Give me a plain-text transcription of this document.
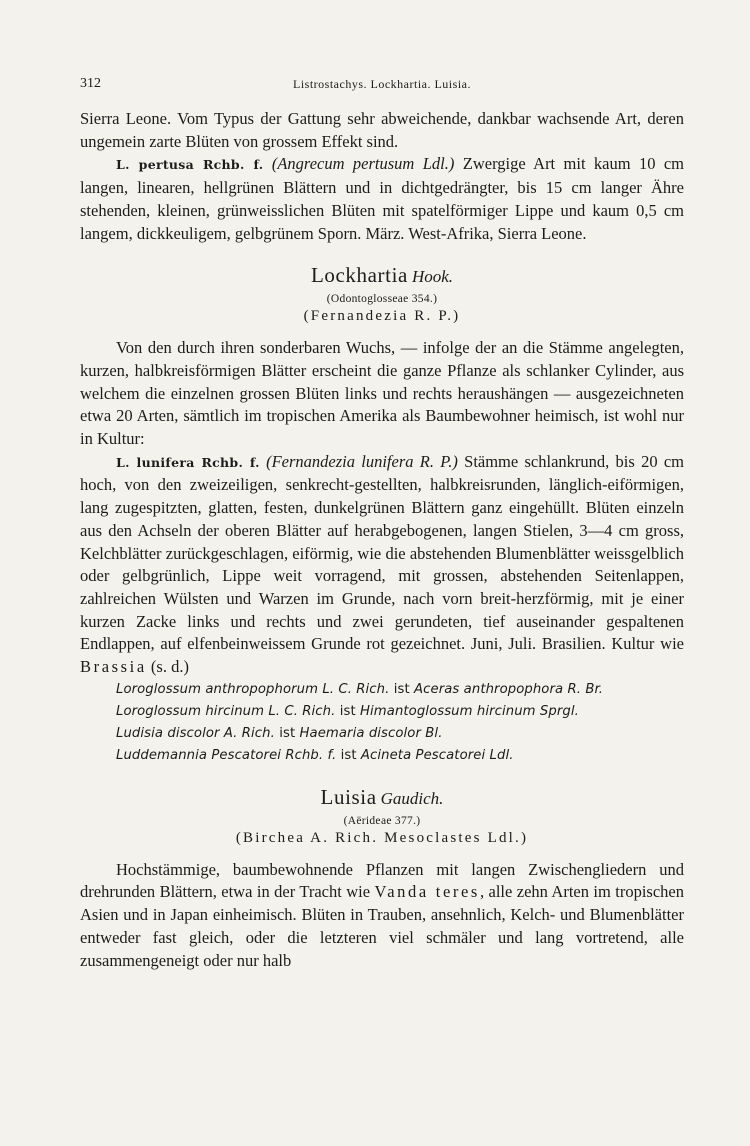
312	Listrostachys. Lockhartia. Luisia.

Sierra Leone. Vom Typus der Gattung sehr abweichende, dankbar wachsende Art, deren ungemein zarte Blüten von grossem Effekt sind.

L. pertusa Rchb. f. (Angrecum pertusum Ldl.) Zwergige Art mit kaum 10 cm langen, linearen, hellgrünen Blättern und in dichtgedrängter, bis 15 cm langer Ähre stehenden, kleinen, grünweisslichen Blüten mit spatelförmiger Lippe und kaum 0,5 cm langem, dickkeuligem, gelbgrünem Sporn. März. West-Afrika, Sierra Leone.

Lockhartia Hook.
(Odontoglosseae 354.)
(Fernandezia R. P.)

Von den durch ihren sonderbaren Wuchs, — infolge der an die Stämme angelegten, kurzen, halbkreisförmigen Blätter erscheint die ganze Pflanze als schlanker Cylinder, aus welchem die einzelnen grossen Blüten links und rechts heraushängen — ausgezeichneten etwa 20 Arten, sämtlich im tropischen Amerika als Baumbewohner heimisch, ist wohl nur in Kultur:

L. lunifera Rchb. f. (Fernandezia lunifera R. P.) Stämme schlankrund, bis 20 cm hoch, von den zweizeiligen, senkrecht-gestellten, halbkreisrunden, länglich-eiförmigen, lang zugespitzten, glatten, festen, dunkelgrünen Blättern ganz eingehüllt. Blüten einzeln aus den Achseln der oberen Blätter auf herabgebogenen, langen Stielen, 3—4 cm gross, Kelchblätter zurückgeschlagen, eiförmig, wie die abstehenden Blumenblätter weissgelblich oder gelbgrünlich, Lippe weit vorragend, mit grossen, abstehenden Seitenlappen, zahlreichen Wülsten und Warzen im Grunde, nach vorn breit-herzförmig, mit je einer kurzen Zacke links und rechts und zwei gerundeten, tief auseinander gespaltenen Endlappen, auf elfenbeinweissem Grunde rot gezeichnet. Juni, Juli. Brasilien. Kultur wie Brassia (s. d.)

Loroglossum anthropophorum L. C. Rich. ist Aceras anthropophora R. Br.
Loroglossum hircinum L. C. Rich. ist Himantoglossum hircinum Sprgl.
Ludisia discolor A. Rich. ist Haemaria discolor Bl.
Luddemannia Pescatorei Rchb. f. ist Acineta Pescatorei Ldl.
Luisia Gaudich.
(Aëridеае 377.)
(Birchea A. Rich. Mesoclastes Ldl.)

Hochstämmige, baumbewohnende Pflanzen mit langen Zwischengliedern und drehrunden Blättern, etwa in der Tracht wie Vanda teres, alle zehn Arten im tropischen Asien und in Japan einheimisch. Blüten in Trauben, ansehnlich, Kelch- und Blumenblätter entweder fast gleich, oder die letzteren viel schmäler und lang vortretend, alle zusammengeneigt oder nur halb
